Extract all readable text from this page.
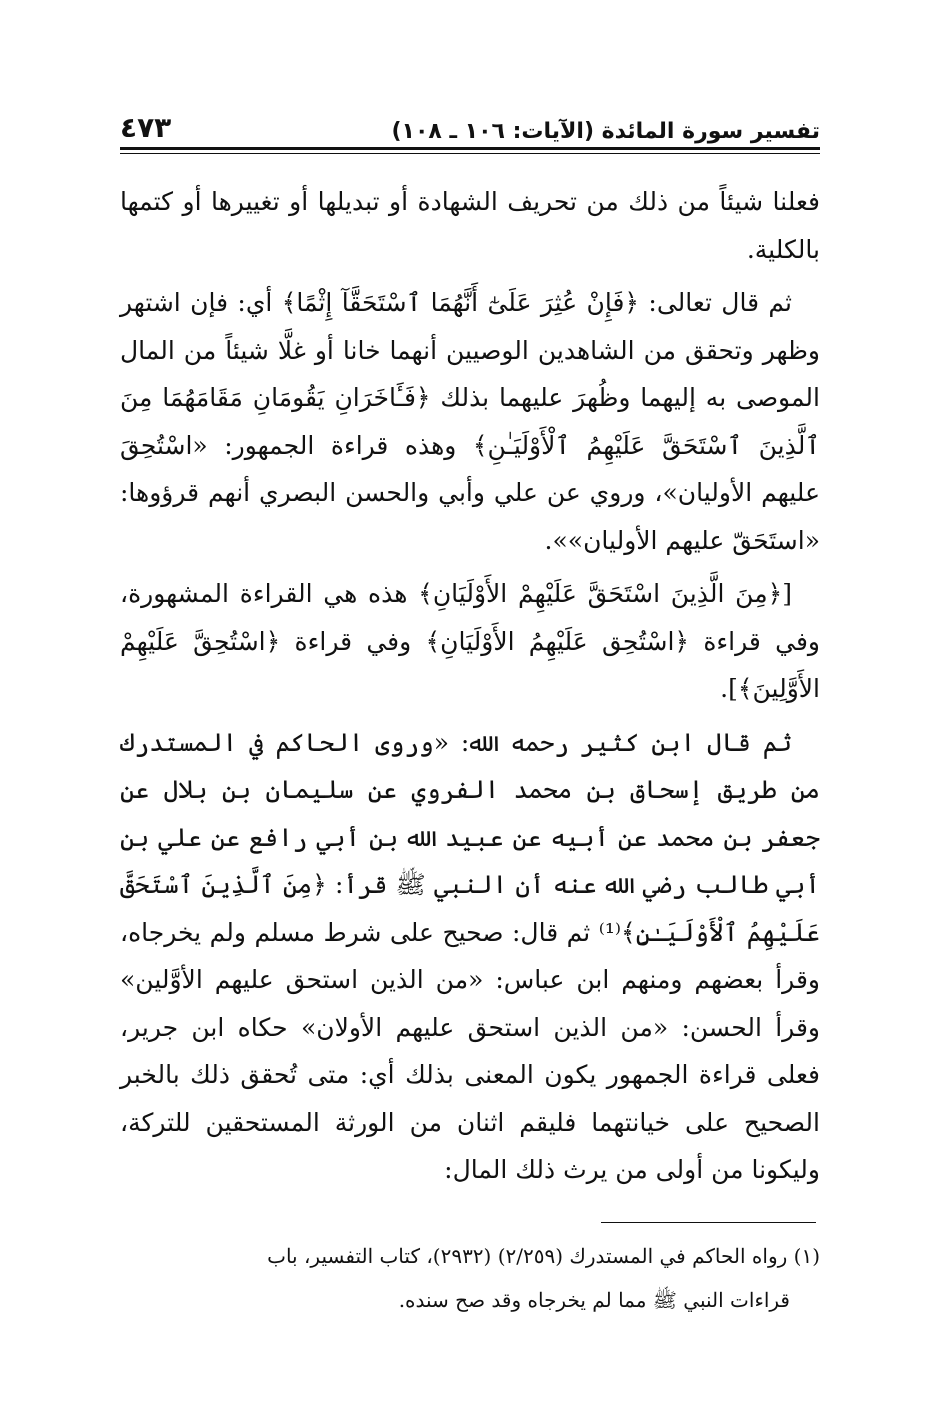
تفسير سورة المائدة (الآيات: ١٠٦ ـ ١٠٨)
٤٧٣

فعلنا شيئاً من ذلك من تحريف الشهادة أو تبديلها أو تغييرها أو كتمها بالكلية.

ثم قال تعالى: ﴿فَإِنْ عُثِرَ عَلَىٰٓ أَنَّهُمَا ٱسْتَحَقَّآ إِثْمًا﴾ أي: فإن اشتهر وظهر وتحقق من الشاهدين الوصيين أنهما خانا أو غلَّا شيئاً من المال الموصى به إليهما وظُهرَ عليهما بذلك ﴿فَـَٔاخَرَانِ يَقُومَانِ مَقَامَهُمَا مِنَ ٱلَّذِينَ ٱسْتَحَقَّ عَلَيْهِمُ ٱلْأَوْلَيَـٰنِ﴾ وهذه قراءة الجمهور: «اسْتُحِقَ عليهم الأوليان»، وروي عن علي وأبي والحسن البصري أنهم قرؤوها: «استَحَقّ عليهم الأوليان»».

[﴿مِنَ الَّذِينَ اسْتَحَقَّ عَلَيْهِمْ الأَوْلَيَانِ﴾ هذه هي القراءة المشهورة، وفي قراءة ﴿اسْتُحِق عَلَيْهِمُ الأَوْلَيَانِ﴾ وفي قراءة ﴿اسْتُحِقَّ عَلَيْهِمْ الأَوَّلِينَ﴾].

ثم قال ابن كثير رحمه الله: «وروى الحاكم في المستدرك من طريق إسحاق بن محمد الفروي عن سليمان بن بلال عن جعفر بن محمد عن أبيه عن عبيد الله بن أبي رافع عن علي بن أبي طالب رضي الله عنه أن النبي ﷺ قرأ: ﴿مِنَ ٱلَّذِينَ ٱسْتَحَقَّ عَلَيْهِمُ ٱلْأَوْلَيَـٰنِ﴾⁽¹⁾ ثم قال: صحيح على شرط مسلم ولم يخرجاه، وقرأ بعضهم ومنهم ابن عباس: «من الذين استحق عليهم الأوَّلين» وقرأ الحسن: «من الذين استحق عليهم الأولان» حكاه ابن جرير، فعلى قراءة الجمهور يكون المعنى بذلك أي: متى تُحقق ذلك بالخبر الصحيح على خيانتهما فليقم اثنان من الورثة المستحقين للتركة، وليكونا من أولى من يرث ذلك المال:

(١) رواه الحاكم في المستدرك (٢/٢٥٩) (٢٩٣٢)، كتاب التفسير، باب

قراءات النبي ﷺ مما لم يخرجاه وقد صح سنده.
